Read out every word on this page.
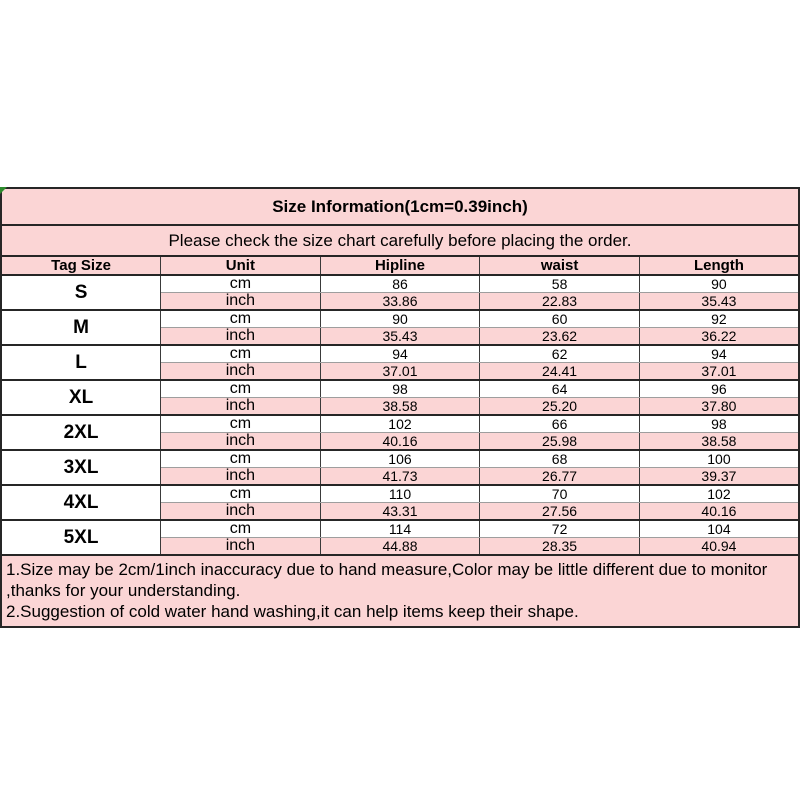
Size Information(1cm=0.39inch)				
Please check the size chart carefully before placing the order.				
Tag Size	Unit	Hipline	waist	Length
S	cm	86	58	90
	inch	33.86	22.83	35.43
M	cm	90	60	92
	inch	35.43	23.62	36.22
L	cm	94	62	94
	inch	37.01	24.41	37.01
XL	cm	98	64	96
	inch	38.58	25.20	37.80
2XL	cm	102	66	98
	inch	40.16	25.98	38.58
3XL	cm	106	68	100
	inch	41.73	26.77	39.37
4XL	cm	110	70	102
	inch	43.31	27.56	40.16
5XL	cm	114	72	104
	inch	44.88	28.35	40.94

1.Size may be 2cm/1inch inaccuracy due to hand measure,Color may be little different due to monitor
,thanks for your understanding.
2.Suggestion of cold water hand washing,it can help items keep their shape.				
